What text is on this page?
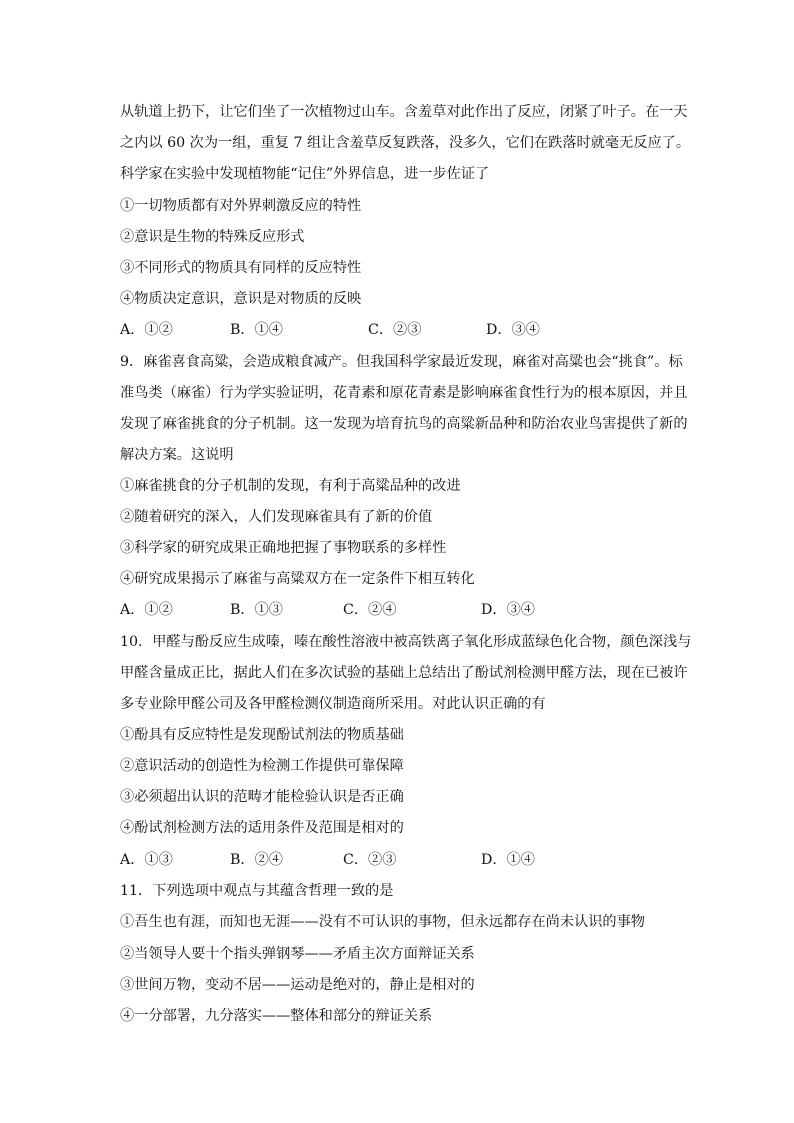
从轨道上扔下，让它们坐了一次植物过山车。含羞草对此作出了反应，闭紧了叶子。在一天
之内以 60 次为一组，重复 7 组让含羞草反复跌落，没多久，它们在跌落时就毫无反应了。
科学家在实验中发现植物能“记住”外界信息，进一步佐证了
①一切物质都有对外界刺激反应的特性
②意识是生物的特殊反应形式
③不同形式的物质具有同样的反应特性
④物质决定意识，意识是对物质的反映
A．①②	B．①④	C．②③	D．③④
9．麻雀喜食高粱，会造成粮食减产。但我国科学家最近发现，麻雀对高粱也会“挑食”。标
准鸟类（麻雀）行为学实验证明，花青素和原花青素是影响麻雀食性行为的根本原因，并且
发现了麻雀挑食的分子机制。这一发现为培育抗鸟的高粱新品种和防治农业鸟害提供了新的
解决方案。这说明
①麻雀挑食的分子机制的发现，有利于高粱品种的改进
②随着研究的深入，人们发现麻雀具有了新的价值
③科学家的研究成果正确地把握了事物联系的多样性
④研究成果揭示了麻雀与高粱双方在一定条件下相互转化
A．①②	B．①③	C．②④	D．③④
10．甲醛与酚反应生成嗪，嗪在酸性溶液中被高铁离子氧化形成蓝绿色化合物，颜色深浅与
甲醛含量成正比，据此人们在多次试验的基础上总结出了酚试剂检测甲醛方法，现在已被许
多专业除甲醛公司及各甲醛检测仪制造商所采用。对此认识正确的有
①酚具有反应特性是发现酚试剂法的物质基础
②意识活动的创造性为检测工作提供可靠保障
③必须超出认识的范畴才能检验认识是否正确
④酚试剂检测方法的适用条件及范围是相对的
A．①③	B．②④	C．②③	D．①④
11．下列选项中观点与其蕴含哲理一致的是
①吾生也有涯，而知也无涯——没有不可认识的事物，但永远都存在尚未认识的事物
②当领导人要十个指头弹钢琴——矛盾主次方面辩证关系
③世间万物，变动不居——运动是绝对的，静止是相对的
④一分部署，九分落实——整体和部分的辩证关系
